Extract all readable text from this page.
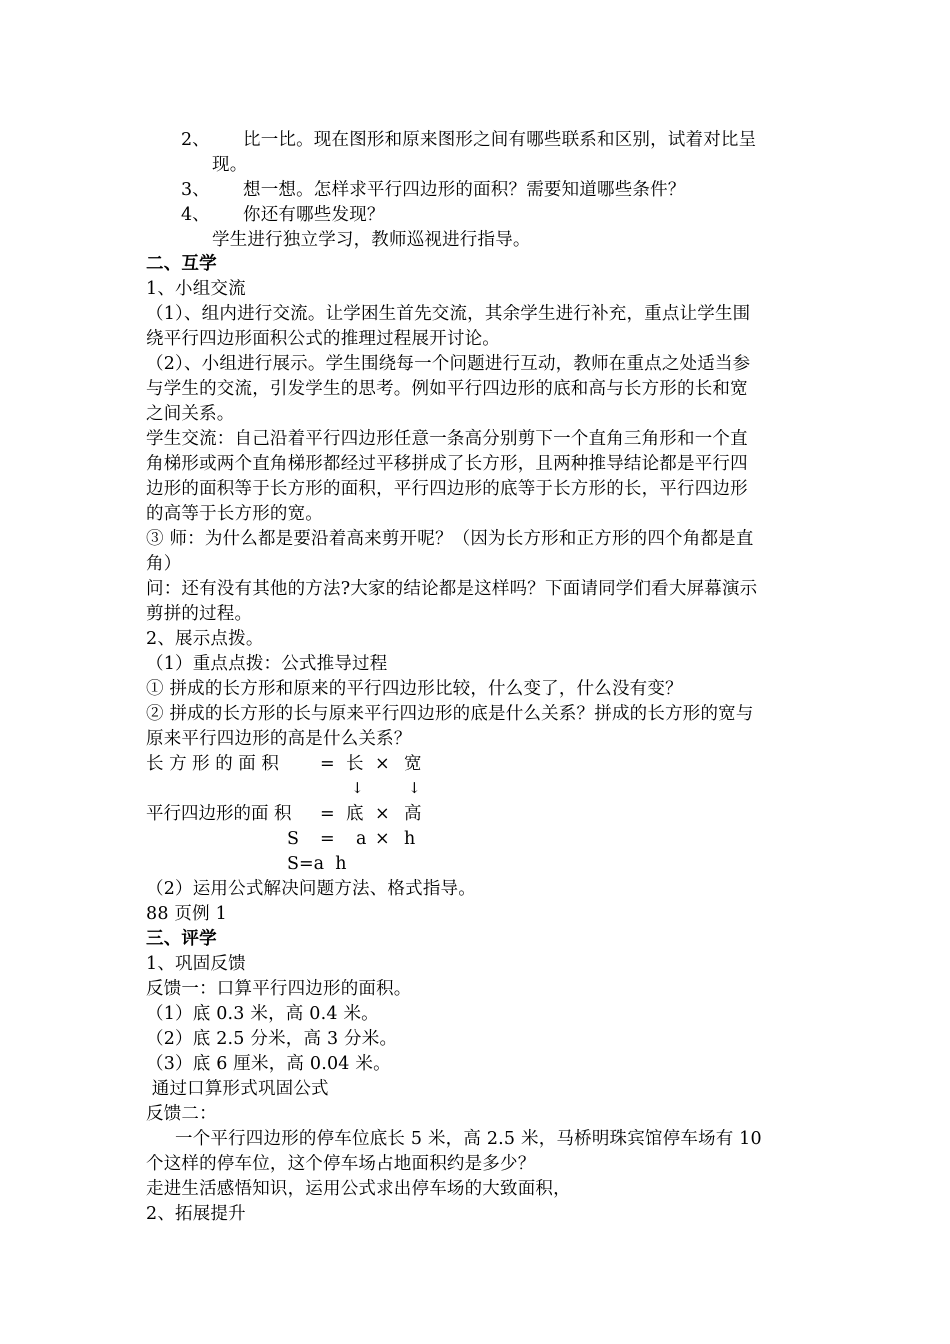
2、 比一比。现在图形和原来图形之间有哪些联系和区别，试着对比呈
现。
3、 想一想。怎样求平行四边形的面积？需要知道哪些条件？
4、 你还有哪些发现？
学生进行独立学习，教师巡视进行指导。
二、互学
1、小组交流
（1）、组内进行交流。让学困生首先交流，其余学生进行补充，重点让学生围
绕平行四边形面积公式的推理过程展开讨论。
（2）、小组进行展示。学生围绕每一个问题进行互动，教师在重点之处适当参
与学生的交流，引发学生的思考。例如平行四边形的底和高与长方形的长和宽
之间关系。
学生交流：自己沿着平行四边形任意一条高分别剪下一个直角三角形和一个直
角梯形或两个直角梯形都经过平移拼成了长方形，且两种推导结论都是平行四
边形的面积等于长方形的面积，平行四边形的底等于长方形的长，平行四边形
的高等于长方形的宽。
③ 师：为什么都是要沿着高来剪开呢？（因为长方形和正方形的四个角都是直
角）
问：还有没有其他的方法?大家的结论都是这样吗？下面请同学们看大屏幕演示
剪拼的过程。
2、展示点拨。
（1）重点点拨：公式推导过程
① 拼成的长方形和原来的平行四边形比较，什么变了，什么没有变？
② 拼成的长方形的长与原来平行四边形的底是什么关系？拼成的长方形的宽与
原来平行四边形的高是什么关系？
长 方 形 的 面 积 = 长 × 宽
↓	↓
平行四边形的面 积 = 底 × 高
S = a × h
S=a  h
（2）运用公式解决问题方法、格式指导。
88 页例 1
三、评学
1、巩固反馈
反馈一：口算平行四边形的面积。
（1）底 0.3 米，高 0.4 米。
（2）底 2.5 分米，高 3 分米。
（3）底 6 厘米，高 0.04 米。
通过口算形式巩固公式
反馈二：
一个平行四边形的停车位底长 5 米，高 2.5 米，马桥明珠宾馆停车场有 10
个这样的停车位，这个停车场占地面积约是多少？
走进生活感悟知识，运用公式求出停车场的大致面积，
2、拓展提升
